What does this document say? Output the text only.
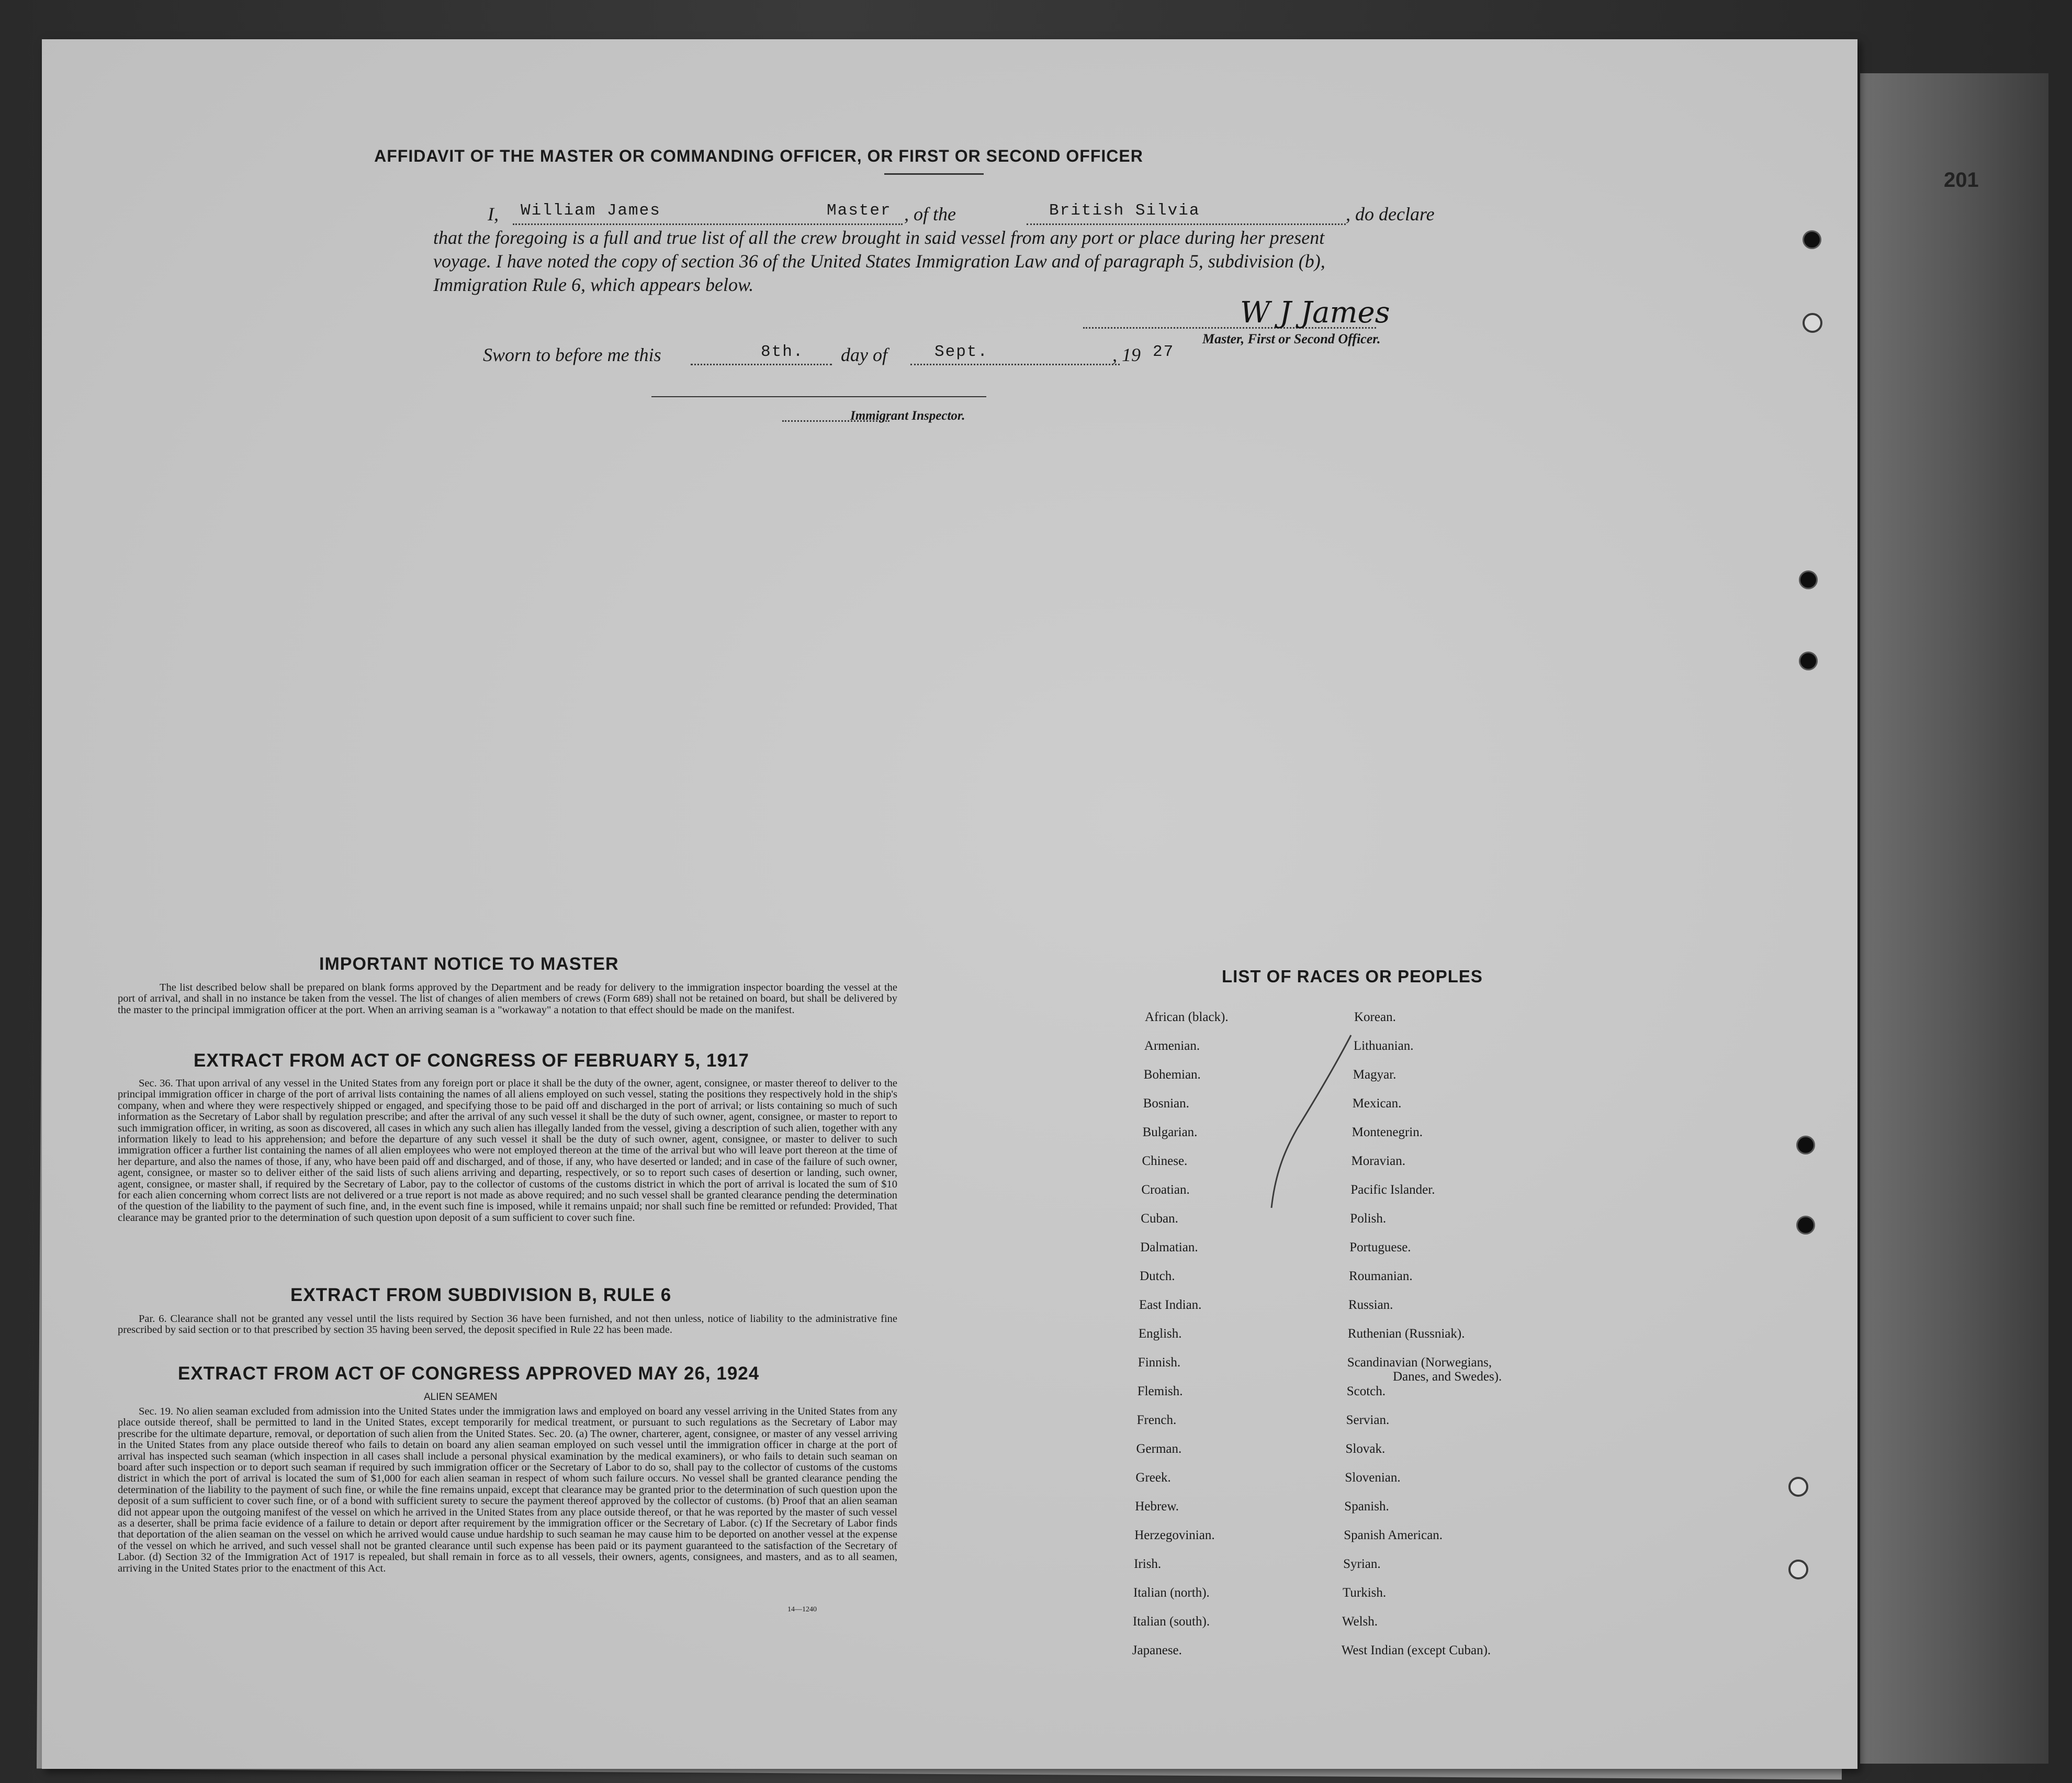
201
AFFIDAVIT OF THE MASTER OR COMMANDING OFFICER, OR FIRST OR SECOND OFFICER
I, William James	Master , of the	British Silvia	, do declare
that the foregoing is a full and true list of all the crew brought in said vessel from any port or place during her present
voyage. I have noted the copy of section 36 of the United States Immigration Law and of paragraph 5, subdivision (b),
Immigration Rule 6, which appears below.
W J James
Master, First or Second Officer.
Sworn to before me this	8th. day of	Sept.	, 19 27
Immigrant Inspector.
IMPORTANT NOTICE TO MASTER
The list described below shall be prepared on blank forms approved by the Department and be ready for delivery to the immigration inspector boarding the vessel at the port of arrival, and shall in no instance be taken from the vessel. The list of changes of alien members of crews (Form 689) shall not be retained on board, but shall be delivered by the master to the principal immigration officer at the port. When an arriving seaman is a "workaway" a notation to that effect should be made on the manifest.
EXTRACT FROM ACT OF CONGRESS OF FEBRUARY 5, 1917
Sec. 36. That upon arrival of any vessel in the United States from any foreign port or place it shall be the duty of the owner, agent, consignee, or master thereof to deliver to the principal immigration officer in charge of the port of arrival lists containing the names of all aliens employed on such vessel, stating the positions they respectively hold in the ship's company, when and where they were respectively shipped or engaged, and specifying those to be paid off and discharged in the port of arrival; or lists containing so much of such information as the Secretary of Labor shall by regulation prescribe; and after the arrival of any such vessel it shall be the duty of such owner, agent, consignee, or master to report to such immigration officer, in writing, as soon as discovered, all cases in which any such alien has illegally landed from the vessel, giving a description of such alien, together with any information likely to lead to his apprehension; and before the departure of any such vessel it shall be the duty of such owner, agent, consignee, or master to deliver to such immigration officer a further list containing the names of all alien employees who were not employed thereon at the time of the arrival but who will leave port thereon at the time of her departure, and also the names of those, if any, who have been paid off and discharged, and of those, if any, who have deserted or landed; and in case of the failure of such owner, agent, consignee, or master so to deliver either of the said lists of such aliens arriving and departing, respectively, or so to report such cases of desertion or landing, such owner, agent, consignee, or master shall, if required by the Secretary of Labor, pay to the collector of customs of the customs district in which the port of arrival is located the sum of $10 for each alien concerning whom correct lists are not delivered or a true report is not made as above required; and no such vessel shall be granted clearance pending the determination of the question of the liability to the payment of such fine, and, in the event such fine is imposed, while it remains unpaid; nor shall such fine be remitted or refunded: Provided, That clearance may be granted prior to the determination of such question upon deposit of a sum sufficient to cover such fine.
EXTRACT FROM SUBDIVISION B, RULE 6
Par. 6. Clearance shall not be granted any vessel until the lists required by Section 36 have been furnished, and not then unless, notice of liability to the administrative fine prescribed by said section or to that prescribed by section 35 having been served, the deposit specified in Rule 22 has been made.
EXTRACT FROM ACT OF CONGRESS APPROVED MAY 26, 1924
ALIEN SEAMEN
Sec. 19. No alien seaman excluded from admission into the United States under the immigration laws and employed on board any vessel arriving in the United States from any place outside thereof, shall be permitted to land in the United States, except temporarily for medical treatment, or pursuant to such regulations as the Secretary of Labor may prescribe for the ultimate departure, removal, or deportation of such alien from the United States. Sec. 20. (a) The owner, charterer, agent, consignee, or master of any vessel arriving in the United States from any place outside thereof who fails to detain on board any alien seaman employed on such vessel until the immigration officer in charge at the port of arrival has inspected such seaman (which inspection in all cases shall include a personal physical examination by the medical examiners), or who fails to detain such seaman on board after such inspection or to deport such seaman if required by such immigration officer or the Secretary of Labor to do so, shall pay to the collector of customs of the customs district in which the port of arrival is located the sum of $1,000 for each alien seaman in respect of whom such failure occurs. No vessel shall be granted clearance pending the determination of the liability to the payment of such fine, or while the fine remains unpaid, except that clearance may be granted prior to the determination of such question upon the deposit of a sum sufficient to cover such fine, or of a bond with sufficient surety to secure the payment thereof approved by the collector of customs. (b) Proof that an alien seaman did not appear upon the outgoing manifest of the vessel on which he arrived in the United States from any place outside thereof, or that he was reported by the master of such vessel as a deserter, shall be prima facie evidence of a failure to detain or deport after requirement by the immigration officer or the Secretary of Labor. (c) If the Secretary of Labor finds that deportation of the alien seaman on the vessel on which he arrived would cause undue hardship to such seaman he may cause him to be deported on another vessel at the expense of the vessel on which he arrived, and such vessel shall not be granted clearance until such expense has been paid or its payment guaranteed to the satisfaction of the Secretary of Labor. (d) Section 32 of the Immigration Act of 1917 is repealed, but shall remain in force as to all vessels, their owners, agents, consignees, and masters, and as to all seamen, arriving in the United States prior to the enactment of this Act.
14—1240
LIST OF RACES OR PEOPLES
African (black).
Armenian.
Bohemian.
Bosnian.
Bulgarian.
Chinese.
Croatian.
Cuban.
Dalmatian.
Dutch.
East Indian.
English.
Finnish.
Flemish.
French.
German.
Greek.
Hebrew.
Herzegovinian.
Irish.
Italian (north).
Italian (south).
Japanese.
Korean.
Lithuanian.
Magyar.
Mexican.
Montenegrin.
Moravian.
Pacific Islander.
Polish.
Portuguese.
Roumanian.
Russian.
Ruthenian (Russniak).
Scandinavian (Norwegians,
Danes, and Swedes).
Scotch.
Servian.
Slovak.
Slovenian.
Spanish.
Spanish American.
Syrian.
Turkish.
Welsh.
West Indian (except Cuban).
